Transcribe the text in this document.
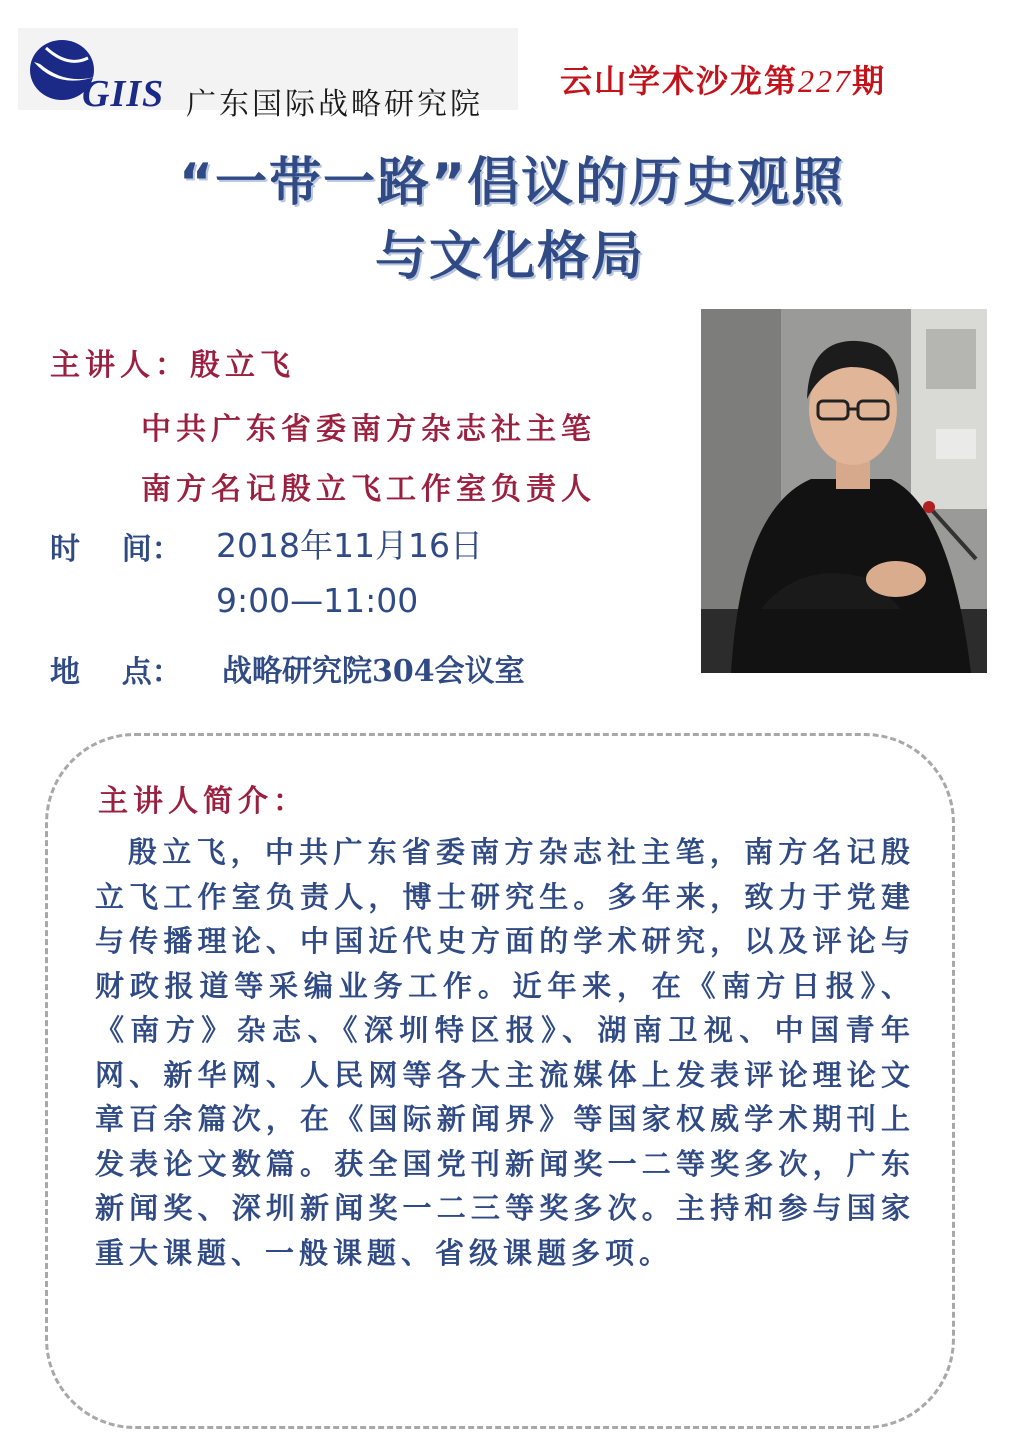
GIIS 广东国际战略研究院
云山学术沙龙第227期
“一带一路”倡议的历史观照
与文化格局
主讲人：殷立飞
中共广东省委南方杂志社主笔
南方名记殷立飞工作室负责人
时    间： 2018年11月16日
9:00—11:00
地    点： 战略研究院304会议室
主讲人简介：
殷立飞，中共广东省委南方杂志社主笔，南方名记殷立飞工作室负责人，博士研究生。多年来，致力于党建与传播理论、中国近代史方面的学术研究，以及评论与财政报道等采编业务工作。近年来，在《南方日报》、《南方》杂志、《深圳特区报》、湖南卫视、中国青年网、新华网、人民网等各大主流媒体上发表评论理论文章百余篇次，在《国际新闻界》等国家权威学术期刊上发表论文数篇。获全国党刊新闻奖一二等奖多次，广东新闻奖、深圳新闻奖一二三等奖多次。主持和参与国家重大课题、一般课题、省级课题多项。
